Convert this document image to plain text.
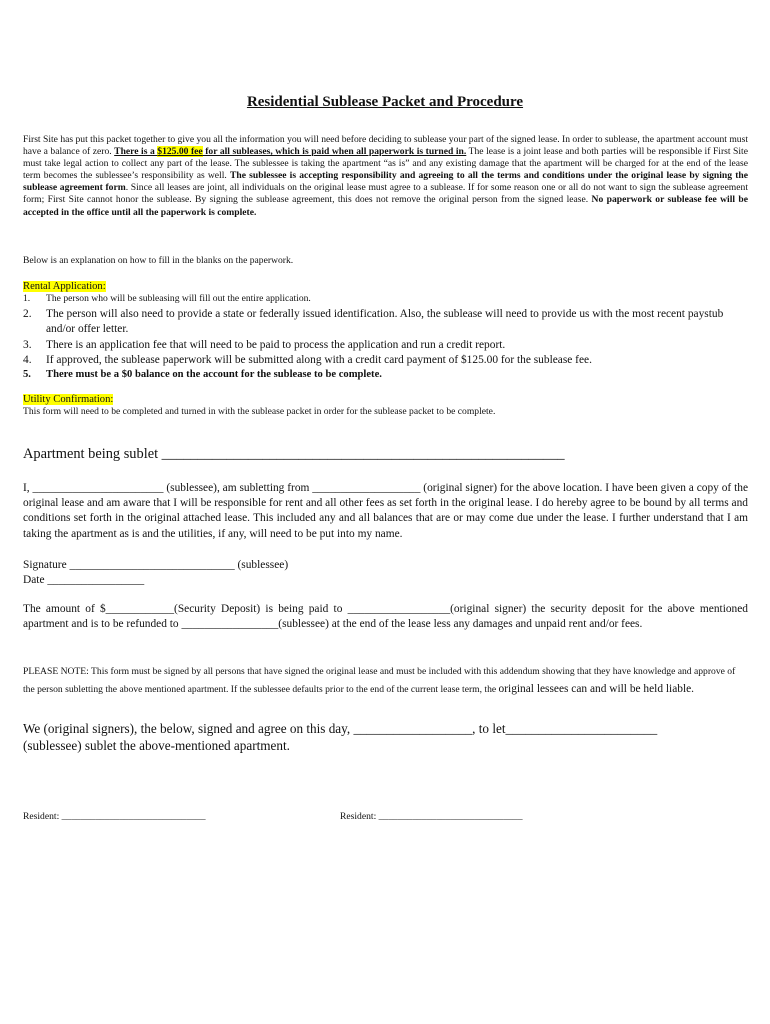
Residential Sublease Packet and Procedure
First Site has put this packet together to give you all the information you will need before deciding to sublease your part of the signed lease. In order to sublease, the apartment account must have a balance of zero. There is a $125.00 fee for all subleases, which is paid when all paperwork is turned in. The lease is a joint lease and both parties will be responsible if First Site must take legal action to collect any part of the lease. The sublessee is taking the apartment “as is” and any existing damage that the apartment will be charged for at the end of the lease term becomes the sublessee’s responsibility as well. The sublessee is accepting responsibility and agreeing to all the terms and conditions under the original lease by signing the sublease agreement form. Since all leases are joint, all individuals on the original lease must agree to a sublease. If for some reason one or all do not want to sign the sublease agreement form; First Site cannot honor the sublease. By signing the sublease agreement, this does not remove the original person from the signed lease. No paperwork or sublease fee will be accepted in the office until all the paperwork is complete.
Below is an explanation on how to fill in the blanks on the paperwork.
Rental Application:
1. The person who will be subleasing will fill out the entire application.
2. The person will also need to provide a state or federally issued identification. Also, the sublease will need to provide us with the most recent paystub and/or offer letter.
3. There is an application fee that will need to be paid to process the application and run a credit report.
4. If approved, the sublease paperwork will be submitted along with a credit card payment of $125.00 for the sublease fee.
5. There must be a $0 balance on the account for the sublease to be complete.
Utility Confirmation:
This form will need to be completed and turned in with the sublease packet in order for the sublease packet to be complete.
Apartment being sublet ________________________________________________________
I, _______________________ (sublessee), am subletting from ___________________ (original signer) for the above location. I have been given a copy of the original lease and am aware that I will be responsible for rent and all other fees as set forth in the original lease. I do hereby agree to be bound by all terms and conditions set forth in the original attached lease. This included any and all balances that are or may come due under the lease. I further understand that I am taking the apartment as is and the utilities, if any, will need to be put into my name.
Signature _____________________________ (sublessee)
Date _________________
The amount of $____________(Security Deposit) is being paid to __________________(original signer) the security deposit for the above mentioned apartment and is to be refunded to _________________(sublessee) at the end of the lease less any damages and unpaid rent and/or fees.
PLEASE NOTE: This form must be signed by all persons that have signed the original lease and must be included with this addendum showing that they have knowledge and approve of the person subletting the above mentioned apartment. If the sublessee defaults prior to the end of the current lease term, the original lessees can and will be held liable.
We (original signers), the below, signed and agree on this day, __________________, to let_______________________
(sublessee) sublet the above-mentioned apartment.
Resident: ______________________________	Resident: ______________________________
